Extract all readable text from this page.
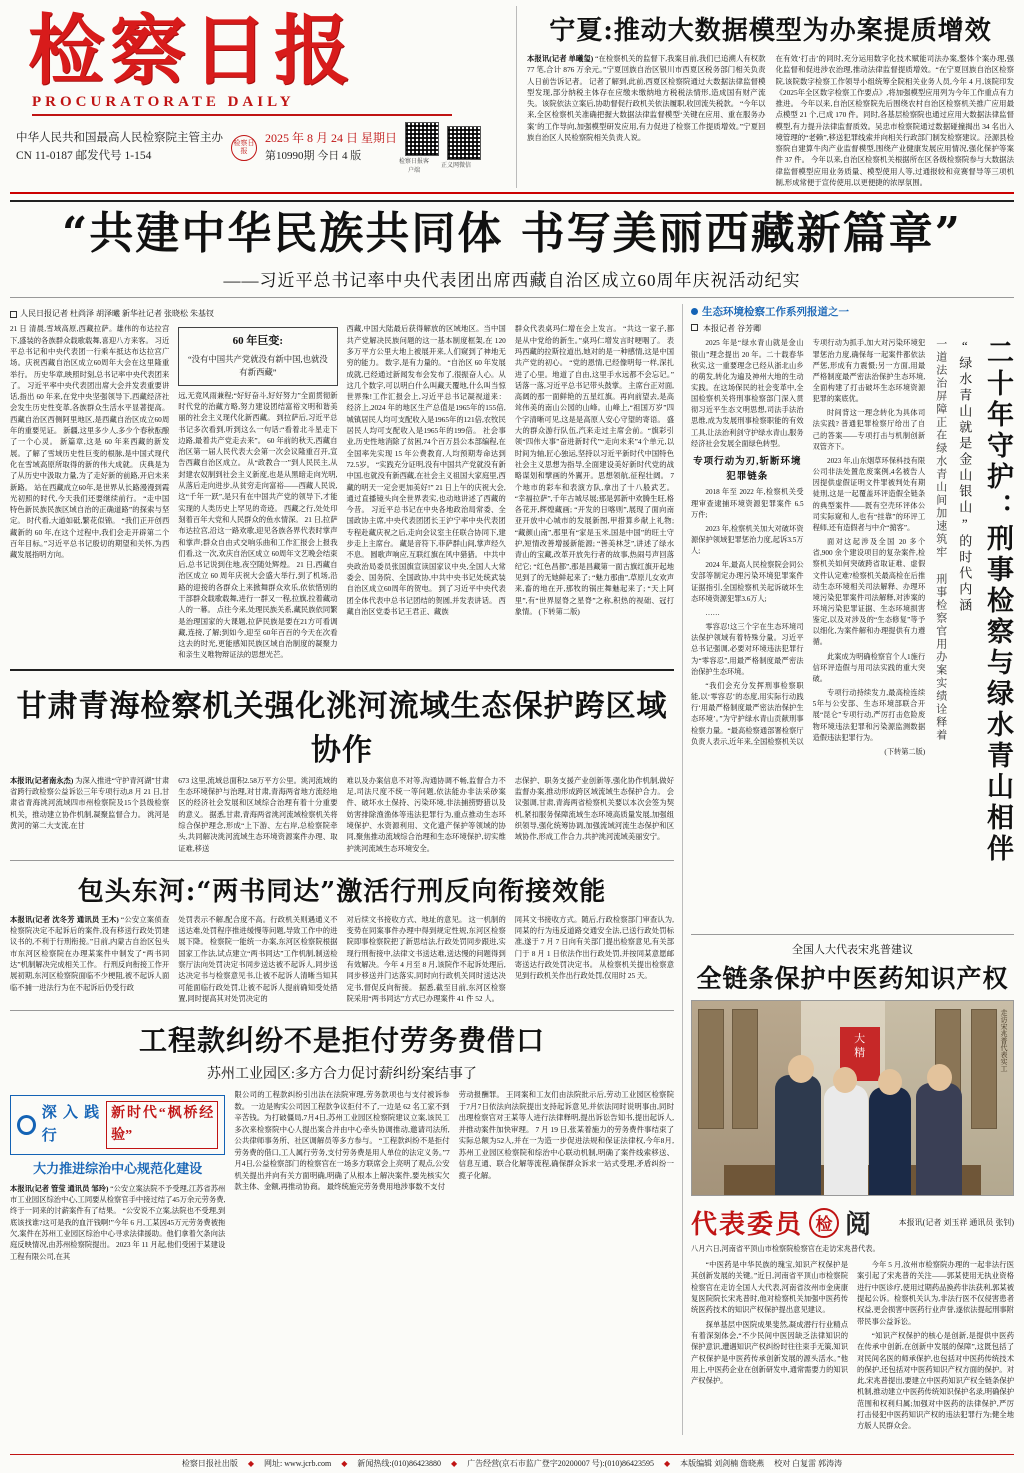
检察日报
PROCURATORATE DAILY
中华人民共和国最高人民检察院主管主办
CN 11-0187 邮发代号 1-154
检察日报
2025 年 8 月 24 日 星期日
第10990期 今日 4 版	检察日报客户端
正义网微信
宁夏:推动大数据模型为办案提质增效
本报讯(记者 单曦玺) “在检察机关的监督下,我案目前,我们已追溯人有权款 77 笔,合计 876 万余元。”宁夏回族自治区银川市西夏区税务部门相关负责人日前告诉记者。 记者了解到,此前,西夏区检察院通过大数据法律监督模型发现,部分纳税主体存在应缴未缴纳地方税税法情形,造成国有财产流失。该院依法立案后,协助督促行政机关依法履职,收回流失税款。 “今年以来,全区检察机关准确把握大数据法律监督模型‘关键在应用、重在服务办案’的工作导向,加强模型研发应用,有力促进了检察工作提质增效。”宁夏回族自治区人民检察院相关负责人说。
在有效‘打击’的同时,充分运用数字化技术赋能司法办案,整体个案办理,强化监督和促进涉农治理,推动法律监督提质增效。“在宁夏回族自治区检察院,该院数字检察工作领导小组统筹全院相关业务人员,今年 4 月,该院印发《2025年全区数字检察工作要点》,将加强模型应用列为今年工作重点有力推进。 今年以来,自治区检察院先后围绕农村自治区检察机关推广应用最点模型 21 个,已成 170 件。同时,各基层检察院也通过应用大数据法律监督模型,有力提升法律监督质效。吴忠市检察院通过数据碰撞揭出 34 名出入境管理的“老赖”,移送犯罪线索并向相关行政部门制发检察建议。泾源县检察院自建算牛肉产业监督模型,围绕产业健康发展应用情况,强化保护等案件 37 件。 今年以来,自治区检察机关根据所在区各级检察院参与大数据法律监督模型应用业务质量、模型使用人等,过通报较和竞赛督导等三项机制,形成常便于宣传使用,以更便捷的浓厚氛围。
“共建中华民族共同体 书写美丽西藏新篇章”
——习近平总书记率中央代表团出席西藏自治区成立60周年庆祝活动纪实
人民日报记者 杜尚泽 胡泽曦 新华社记者 张晓松 朱基钗
21 日 清晨,雪域高原,西藏拉萨。雄伟的布达拉宫下,盛装的各族群众载歌载舞,喜迎八方来客。 习近平总书记和中央代表团一行乘车抵达布达拉宫广场。庆祝西藏自治区成立60周年大会在这里隆重举行。 历史华章,映照时刻,总书记率中央代表团来了。 习近平率中央代表团出席大会并发表重要讲话,指出 60 年来,在党中央坚强领导下,西藏经济社会发生历史性变革,各族群众生活水平显著提高。 西藏自治区西侧阿里地区,是西藏自治区成立60周年的重要见证。 新疆,这里多少人,多少个春秋酝酿了一个心灵。 新篇章,这是 60 年来西藏的新发展。了解了雪域历史性巨变的根脉,是中国式现代化在雪域高原所取得的新的伟大成就。 庆典是为了从历史中汲取力量,为了走好新的前路,开启未来新路。 站在西藏成立60年,是世界从长路漫漫到霞光初照的时代,今天我们还要继续前行。 “走中国特色新民族民族区域自治的正确道路”的探索与坚定。 时代看,大道如砥,繁花似锦。 “我们正开创西藏新的 60 年,在这个过程中,我们会走开辟第二个百年目标。”习近平总书记殷切的期望和关怀,为西藏发展指明方向。
60 年巨变:
“没有中国共产党就没有新中国,也就没有新西藏”
远,无竟风雨兼程;“好好奋斗,好好努力”全面贯彻新时代党的治藏方略,努力建设团结富裕文明和谐美丽的社会主义现代化新西藏。 到拉萨后,习近平总书记多次看到,听到这么一句话:“看着北斗星走下边路,最着共产党走去来”。 60 年前的秋天,西藏自治区第一届人民代表大会第一次会议隆重召开,宣告西藏自治区成立。 从“政教合一”到人民民主,从封建农奴制到社会主义新度,也是从黑暗走向光明,从落后走向进步,从贫穷走向富裕——西藏人民说,这“千年一跃”,是只有在中国共产党的领导下,才能实现的人类历史上罕见的奇迹。 西藏之行,处处印刻着百年大党和人民群众的鱼水情深。 21 日,拉萨布达拉宫,沿这一路欢歌,迎见各族各界代表时掌声和掌声;群众自由式交响乐曲和工作汇报会上报我们看,这一次,欢庆自治区成立 60周年文艺晚会结束后,总书记说到住地,夜空随处辉煌。 21 日,西藏自治区成立 60 周年庆祝大会盛大举行,到了机场,沿路的迎接的各群众上来掀舞群众欢乐,依依惜别的干部群众载歌载舞,进行一群又一程,拉旗,拉着藏动人的一幕。 点往今来,处理民族关系,藏民族依同繁是治理国家的大课题,拉萨民族是要在21方可看调藏,连接,了解;到如今,迎至 60年百百的今天在次看这去的时光,更能感知民族区域自治制度的凝聚力和亲生义唯物辩证法的思想光芒。
西藏,中国大陆最后获得解放的区域地区。当中国共产党解决民族问题的这一基本制度框架,在 120多万平方公里大地上被展开来,人们窥到了神地无穷的能力。 数字,是有力量的。 “自治区 60 年发展成就,已经通过新闻发布会发布了,很振奋人心。从这几个数字,可以明白什么叫藏天覆地,什么叫当惊世界殊!工作汇报会上,习近平总书记凝视道来： 经济上,2024 年的地区生产总值是1965年的155倍,城镇居民人均可支配收入是1965年的121倍,农牧民居民人均可支配收入是1965年的199倍。 社会事业,历史性地消除了贫困,74个百万县公本部编程,在全国率先实现 15 年公费教育,人均预期寿命达到72.5岁。 “实践充分证明,没有中国共产党就没有新中国,也就没有新西藏,在社会主义祖国大家庭里,西藏的明天一定会更加美好!” 21 日上午的庆祝大会,通过直播镜头向全世界表实,也动地讲述了西藏的今昔。 习近平总书记在中央各地政治局常委、全国政协主席,中央代表团团长王沪宁率中央代表团专程赴藏庆祝之后,走向会议室主任联合协同下,建步走上主席台。 藏是音符下,菲萨群山间,掌声经久不息。 圆歌声响应,互联红旗在风中猎猎。 中共中央政治局委员张国旗宣读国家议中央,全国人大常委会、国务院、全国政协,中共中央书记处统武装自治区成立60周年的贺电。 到了习近平中央代表团全体代表中总书记团结的贺圆,并发表讲话。 西藏自治区党委书记王君正、藏族
群众代表桌玛仁增在会上发言。 “共这一家子,都是从中党给的新生。”桌玛仁增发言时哽咽了。 表玛西藏的拉斯拉道出,她对的是一种感情,这是中国共产党的初心。 “党的恩情,已经像明每一样,深扎进了心里。地道了自由,这里手水远都不会忘记。” 话落一落,习近平总书记带头鼓掌。 主席台正对面,高阔的那一面鲜艳的五星红旗。再向前望去,是高耸伟美的南山公园的山峰。山峰上,“祖国万岁”四个字清晰可见,这是是高原人安心守望的寄语。 盛大的群众游行队伍,汽来走过主席会前。“旗彩引领“四伟大事”奋进新时代”“走向未来”4个单元,以时间为轴,匠心独运,坚持以习近平新时代中国特色社会主义思想为指导,全面建设美好新时代党的战略谋划和擘画的外翼开。思想领航,征程壮阔。 7个地市的彩车和表演方队,拿出了十八般武艺。 “幸福拉萨”,千年古城尽展;那是郭新中欢腾生旺,格各花开,辉煌藏画; “开发的日喀则”,展现了面向南亚开放中心城市的发展新图,甲措算乡献上礼物; “藏颜山南”,那里有“家是玉米,国是中国”的旺土守护,短情改善增援新能源; “善美林芝”,讲述了绿水青山的宝藏,改革开放先行者的故事,热闹号声回落纪它; “红色昌都”,那是昌藏第一面古旗红旗开起地见到了的无她鲜起来了; “魅力那曲”,草原儿女欢声来,畜的地在开,那牧的锅庄舞魅起来了; “天上阿里”,有“世界屋脊之星脊”之称,积热的视础、冠打象情。 (下转第二版)
甘肃青海检察机关强化洮河流域生态保护跨区域协作
本报讯(记者南永杰) 为深入推进“守护青河湖”甘肃省跨行政检察公益诉讼三年专项行动,8 月 21 日,甘肃省青海洮河流域四市州检察院及15个县级检察机关，推动建立协作机制,凝聚监督合力。 洮河是黄河的第二大支流,在甘
673 这里,流域总面积2.58万平方公里。洮河流域的生态环境保护与治理,对甘肃,青海两省地方流经地区的经济社会发展和区域综合治理有着十分重要的意义。 据悉,甘肃,青海两省洮河流域检察机关将综合保护理念,形成“上下游、左右岸,总检察院牵头,共同解决洮河流域生态环境资源案件办理、取证难,移送
难以及办案信息不对等,沟通协调不畅,监督合力不足,司法尺度不统一等问题,依法能办非法采砂案件、破坏水土保持、污染环境,非法捕捞野猎以及妨害排除渔渔体等违法犯罪行为,重点推动生态环境保护、水资源利用、文化遗产保护等领域的协同,聚焦推动流域综合治理和生态环境保护,切实维护洮河流域生态环境安全。
志保护、职务支援产业创新等,强化协作机制,做好监督办案,推动形成跨区域流域生态保护合力。 会议强调,甘肃,青海两省检察机关要以本次会签为契机,紧扣服务保障流域生态环境高质量发展,加强组织领导,强化统筹协调,加强流域河流生态保护和区域协作,形成工作合力,共护洮河流域美丽安宁。
包头东河:“两书同达”激活行刑反向衔接效能
本报讯(记者 沈冬芳 通讯员 王木) “公安立案侦查检察院决定不起诉后的案件,没有移送行政处罚建议书的,不利于行刑衔接。”日前,内蒙古自治区包头市东河区检察院在办理某案件中制发了“两书同达”机制解决完成相关工作。 行刑反向衔接工作开展初期,东河区检察院面临不少梗阻,被不起诉人面临不捕一进法行为在不起诉后仍受行政
处罚表示不解,配合度不高。行政机关则遇通义不送达难,处罚程序推进缓慢等问题,导致工作中的进展下降。 检察院一能统一办案,东河区检察院根据国家工作法,试点建立“两书同达”工作机制,制送检察厅法向处罚决定书同步送达被不起诉人,同步送达决定书与检察意见书,让被不起诉人清晰当知其可能面临行政处罚,让被不起诉人提前确知受处措置,同时提高其对处罚决定的
对后续文书接收方式、地址的意见。 这一机制的变势在同案事件办理中得到规定性规,东河区检察院即事检察院把了新思结法,行政处罚同步跟进,实现行刑衔接中,法律文书送达难,送达慢的问题得到有效解决。今年 4 月至 8 月,该院作不起诉处理后,同步移送并门达落实,同时向行政机关同时送达决定书,督促反向衔接。 据悉,截至目前,东河区检察院采用“两书同达”方式已办理案件 41 件 52 人。
同其文书接收方式。随后,行政检察部门审查认为,同某的行为违反道路交通安全法,已送行政处罚标准,遂于 7 月 7 日向有关部门提出检察意见,有关部门于 8 月 1 日依法作出行政处罚,并按同某意愿邮寄送达行政处罚决定书。 从检察机关提出检察意见到行政机关作出行政处罚,仅用时 25 天。
工程款纠纷不是拒付劳务费借口
苏州工业园区:多方合力促讨薪纠纷案结事了
深入践行
新时代“枫桥经验”
大力推进综治中心规范化建设
本报讯(记者 管莹 通讯员 邹玲) “公安立案法院不予受理,江苏省苏州市工业园区综治中心,工同要从检察官手中接过结了45万余元劳务费,终于一同来的讨薪案件有了结果。 “公安说不立案,法院也不受理,到底该找谁?这可是我的血汗钱啊!”今年 6 月,工某因45万元劳务费被拖欠,案件在苏州工业园区综治中心寻求法律援助。他们拿着欠条向法庭反映情况,由苏州检察院提出。 2023 年 11 月起,他们受困于某建设工程有限公司,在其
限公司的工程款纠纷引出法在法院审理,劳务款项也与支付被诉参数。 一边是购实公司因工程款争议拒付不了,一边是 62 名工家不到辛苦钱。为打破僵局,7月4日,苏州工业园区检察院建议立案,该民工多次来检察院中心人提出案合并由中心牵头协调推动,邀请司法所,公共律师事务所、社区调解员等多方参与。 “工程款纠纷不是拒付劳务费的借口,工人属行劳务,支付劳务费是用人单位的法定义务。”7月4日,公益检察部门的检察官在一场多方联席会上亮明了观点,公安机关提出并向有关方面明确,明确了从根本上解决案件,要先核实欠款主体、金额,再推动协商。 最终统施完劳务费用地涉事数不支付
劳动报酬罪。 王同案和工友们由法院批示后,劳动工业园区检察院于7月7日依法向法院提出支持起诉意见,并依法同时说明事由,同时出理检察官对王某等人进行法律释明,提出诉讼告知书,提出起诉人,并推动案件加快审理。 7 月 19 日,张某着施力的劳务费件事结束了实际总额为52人,并在一为造一步促进法规和保证法律权,今年8月,苏州工业园区检察院和综治中心联动机制,明确了案件线索移送、信息互通、联合化解等流程,确保群众诉求一站式受理,矛盾纠纷一揽子化解。
生态环境检察工作系列报道之一
本报记者 谷芳卿
二十年守护：刑事检察与绿水青山相伴
“绿水青山就是金山银山”的时代内涵
一道法治屏障正在绿水青山间加速筑牢 刑事检察官用办案实绩诠释着

2025 年是“绿水青山就是金山银山”理念提出 20 年。二十载春华秋实,这一重要理念已经从浙北山乡的萌发,转化为遍及神州大地的生动实践。在这场保民的社会变革中,全国检察机关将刑事检察部门深入贯彻习近平生态文明思想,司法手法治思维,成为发展刑事检察职能的有效工具,让法治利剑守护绿水青山,服务经济社会发展全面绿色转型。

专项行动为刃,斩断环境犯罪链条

2018 年至 2022 年,检察机关受理审查逮捕环境资源犯罪案件 6.5 万件;

2023 年,检察机关加大对破坏资源保护领域犯罪惩治力度,起诉3.5万人;

2024 年,最高人民检察院会同公安部等制定办理污染环境犯罪案件证据指引,全国检察机关起诉破坏生态环境资源犯罪3.6万人;

……

零容忍!这三个字在生态环境司法保护领域有着特殊分量。习近平总书记强调,必要对环境违法犯罪行为“零容忍”,用最严格制度最严密法治保护生态环境。

“我们会充分发挥刑事检察职能,以‘零容忍’的态度,用实际行动践行‘用最严格制度最严密法治保护生态环境’。”为守护绿水青山贡献刑事检察力量。“最高检察通部署检察厅负责人表示,近年来,全国检察机关以专项行动为抓手,加大对污染环境犯罪惩治力度,确保每一起案件都依法严惩,形成有力震慑;另一方面,用最严格制度最严密法治保护生态环境,全面构建了打击破坏生态环境资源犯罪的案底优。

时间背这一理念转化为具体司法实践? 普通犯罪检察厅给出了自己的答案——专项打击与机制创新双管齐下。

2023 年,山东烟草环保科技有限公司非法处置危废案例,4名被告人因提供虚假证明文件罪被判处有期徒刑,这是一起覆盖环评造假全链条的典型案件——既有空壳环评体公司实际窥和人,也有“挂靠”的环评工程师,还有造假者与中介“掮客”。

面对这起涉及全国 20 多个省,900 余个建设项目的复杂案件,检察机关如何突破跨省取证难、虚假文件认定难?检察机关最高检在后推动生态环境相关司法解释、办理环境污染犯罪案件司法解释,对涉案的环境污染犯罪证据、生态环境损害鉴定,以及对涉及的“生态修复”等予以细化,为案件解和办理提供有力遵循。

此案成为明确检察官个人1施行信环评造假与用司法实践的重大突破。

专项行动持续发力,最高检连续5年与公安部、生态环境部联合开展“昆仑”专项行动,严厉打击危险废物环境违法犯罪和污染源监测数据造假违法犯罪行为。

(下转第二版)

全国人大代表宋兆普建议
全链条保护中医药知识产权
大
精	走访宋兆普代表实工
代表委员 检 阅	本报讯(记者 刘玉祥 通讯员 张钊)
八月六日,河南省平顶山市检察院检察官在走访宋兆普代表。

“中医药是中华民族的瑰宝,知识产权保护是其创新发展的关键。”近日,河南省平顶山市检察院检察官在走访全国人大代表,河南省汝州市金庚康复医院院长宋兆普时,他对检察机关加强中医药传统医药技术的知识产权保护提出意见建议。

探单基层中医院成果斐然,凝成潜行行业精点有着深刻体会,“不少民间中医因缺乏法律知识的保护意识,遭遇知识产权纠纷时往往束手无策,知识产权保护是中医药传承创新发展的源头活水。”他用上,中医药企业在创新研发中,通常需要力的知识产权保护。

今年 5 月,汝州市检察院办理的一起非法行医案引起了宋兆普的关注——郭某使用无执业资格进行中医诊疗,使用过期药品换药非法获利,郭某被提起公诉。检察机关认为,非法行医不仅侵害患者权益,更会损害中医药行业声誉,遂依法提起刑事附带民事公益诉讼。

“知识产权保护的核心是创新,是提供中医药在传承中创新,在创新中发展的保障”,这既包括了对民间名医的师承保护,也包括对中医药传统技术的保护,还包括对中医药知识产权方面的保护。对此,宋兆普提出,要建立中医药知识产权全链条保护机制,推动建立中医药传统知识保护名录,明确保护范围和权利归属;加强对中医药的法律保护,严厉打击侵犯中医药知识产权的违法犯罪行为;健全地方版人民群众会。

检察日报社出版 ◆ 网址: www.jcrb.com ◆ 新闻热线:(010)86423880 ◆ 广告经营(京石市监广登字20200007 号):(010)86423595 ◆ 本版编辑 刘剑楠 詹晓燕 校对 白复雷 郭涛涛
